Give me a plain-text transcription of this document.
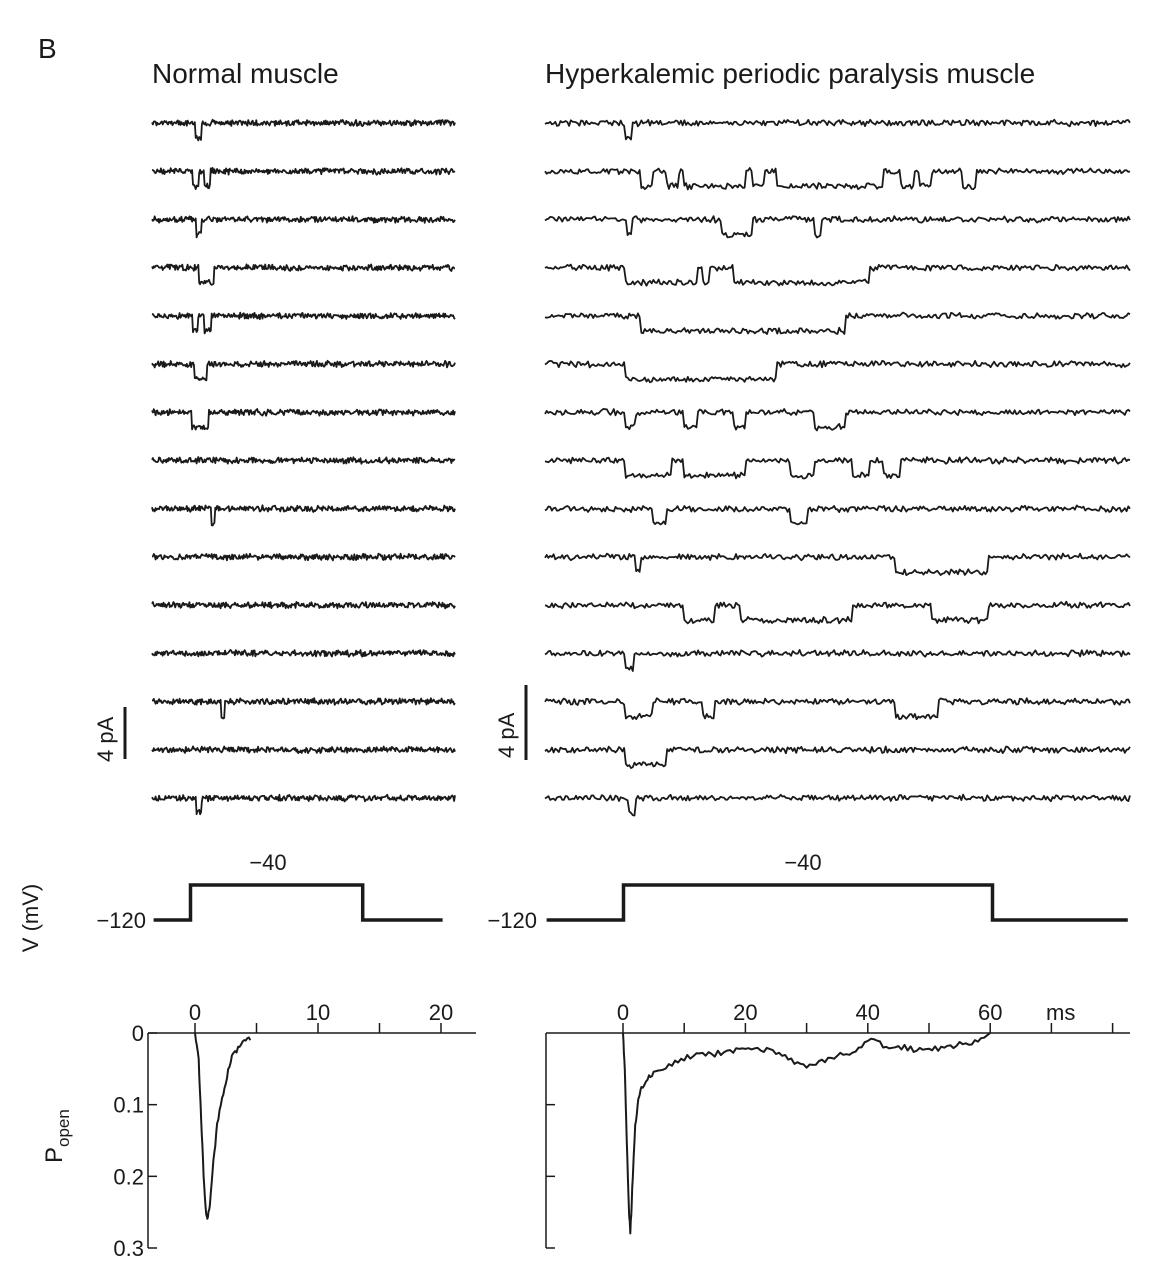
B
Normal muscle	Hyperkalemic periodic paralysis muscle
4 pA	4 pA
V (mV) −120	−120
−40	−40
0	10	20
0
0.1
0.2
0.3
0	20	40	60
$P_{open}$
ms
